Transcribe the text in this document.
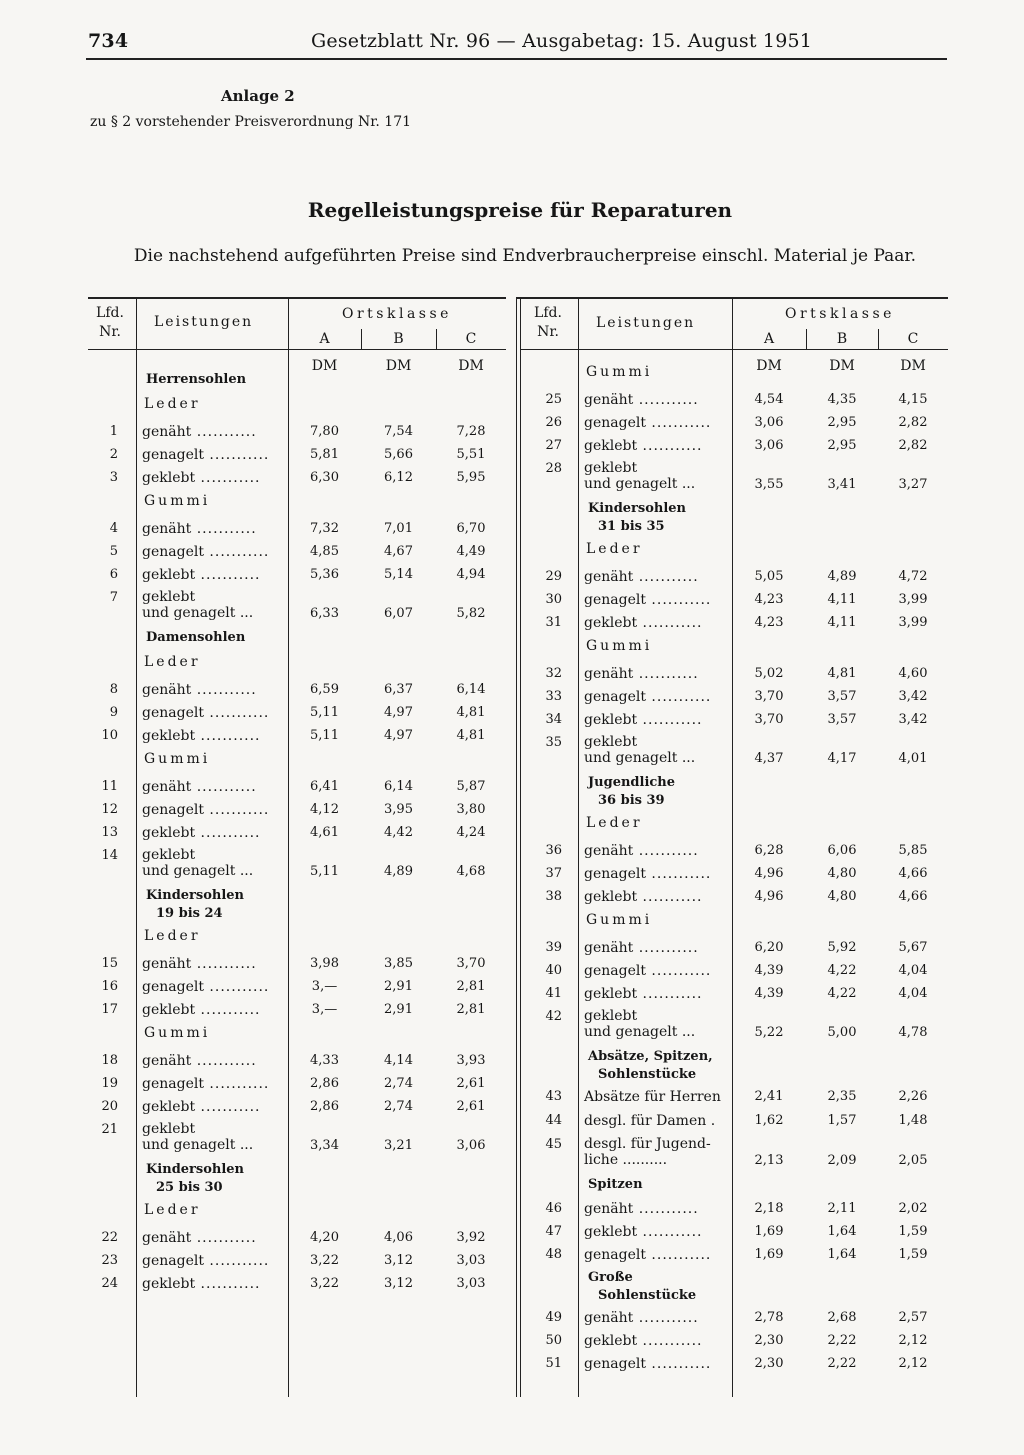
734	Gesetzblatt Nr. 96 — Ausgabetag: 15. August 1951
Anlage 2
zu § 2 vorstehender Preisverordnung Nr. 171
Regelleistungspreise für Reparaturen
Die nachstehend aufgeführten Preise sind Endverbraucherpreise einschl. Material je Paar.
Lfd.
Nr.
Leistungen	Ortsklasse
A	B	C
DM	DM	DM
Herrensohlen
Leder
1 genäht .....	7,80	7,54	7,28
2 genagelt .....	5,81	5,66	5,51
3 geklebt .....	6,30	6,12	5,95
Gummi
4 genäht .....	7,32	7,01	6,70
5 genagelt .....	4,85	4,67	4,49
6 geklebt .....	5,36	5,14	4,94
7 geklebt
und genagelt ...	6,33	6,07	5,82
Damensohlen
Leder
8 genäht .....	6,59	6,37	6,14
9 genagelt .....	5,11	4,97	4,81
10 geklebt .....	5,11	4,97	4,81
Gummi
11 genäht .....	6,41	6,14	5,87
12 genagelt .....	4,12	3,95	3,80
13 geklebt .....	4,61	4,42	4,24
14 geklebt
und genagelt ...	5,11	4,89	4,68
Kindersohlen
19 bis 24
Leder
15 genäht .....	3,98	3,85	3,70
16 genagelt .....	3,—	2,91	2,81
17 geklebt .....	3,—	2,91	2,81
Gummi
18 genäht .....	4,33	4,14	3,93
19 genagelt .....	2,86	2,74	2,61
20 geklebt .....	2,86	2,74	2,61
21 geklebt
und genagelt ...	3,34	3,21	3,06
Kindersohlen
25 bis 30
Leder
22 genäht .....	4,20	4,06	3,92
23 genagelt .....	3,22	3,12	3,03
24 geklebt .....	3,22	3,12	3,03
Lfd.
Nr.
Leistungen
Ortsklasse
A	B	C
DM	DM	DM
Gummi
25 genäht .....	4,54	4,35	4,15
26 genagelt .....	3,06	2,95	2,82
27 geklebt .....	3,06	2,95	2,82
28 geklebt
und genagelt ...	3,55	3,41	3,27
Kindersohlen
31 bis 35
Leder
29 genäht .....	5,05	4,89	4,72
30 genagelt .....	4,23	4,11	3,99
31 geklebt .....	4,23	4,11	3,99
Gummi
32 genäht .....	5,02	4,81	4,60
33 genagelt .....	3,70	3,57	3,42
34 geklebt .....	3,70	3,57	3,42
35 geklebt
und genagelt ...	4,37	4,17	4,01
Jugendliche
36 bis 39
Leder
36 genäht .....	6,28	6,06	5,85
37 genagelt .....	4,96	4,80	4,66
38 geklebt .....	4,96	4,80	4,66
Gummi
39 genäht .....	6,20	5,92	5,67
40 genagelt .....	4,39	4,22	4,04
41 geklebt .....	4,39	4,22	4,04
42 geklebt
und genagelt ...	5,22	5,00	4,78
Absätze, Spitzen,
Sohlenstücke
43 Absätze für Herren	2,41	2,35	2,26
44 desgl. für Damen .	1,62	1,57	1,48
45 desgl. für Jugend-
liche ..........	2,13	2,09	2,05
Spitzen
46 genäht .....	2,18	2,11	2,02
47 geklebt .....	1,69	1,64	1,59
48 genagelt .....	1,69	1,64	1,59
Große
Sohlenstücke
49 genäht .....	2,78	2,68	2,57
50 geklebt .....	2,30	2,22	2,12
51 genagelt .....	2,30	2,22	2,12
